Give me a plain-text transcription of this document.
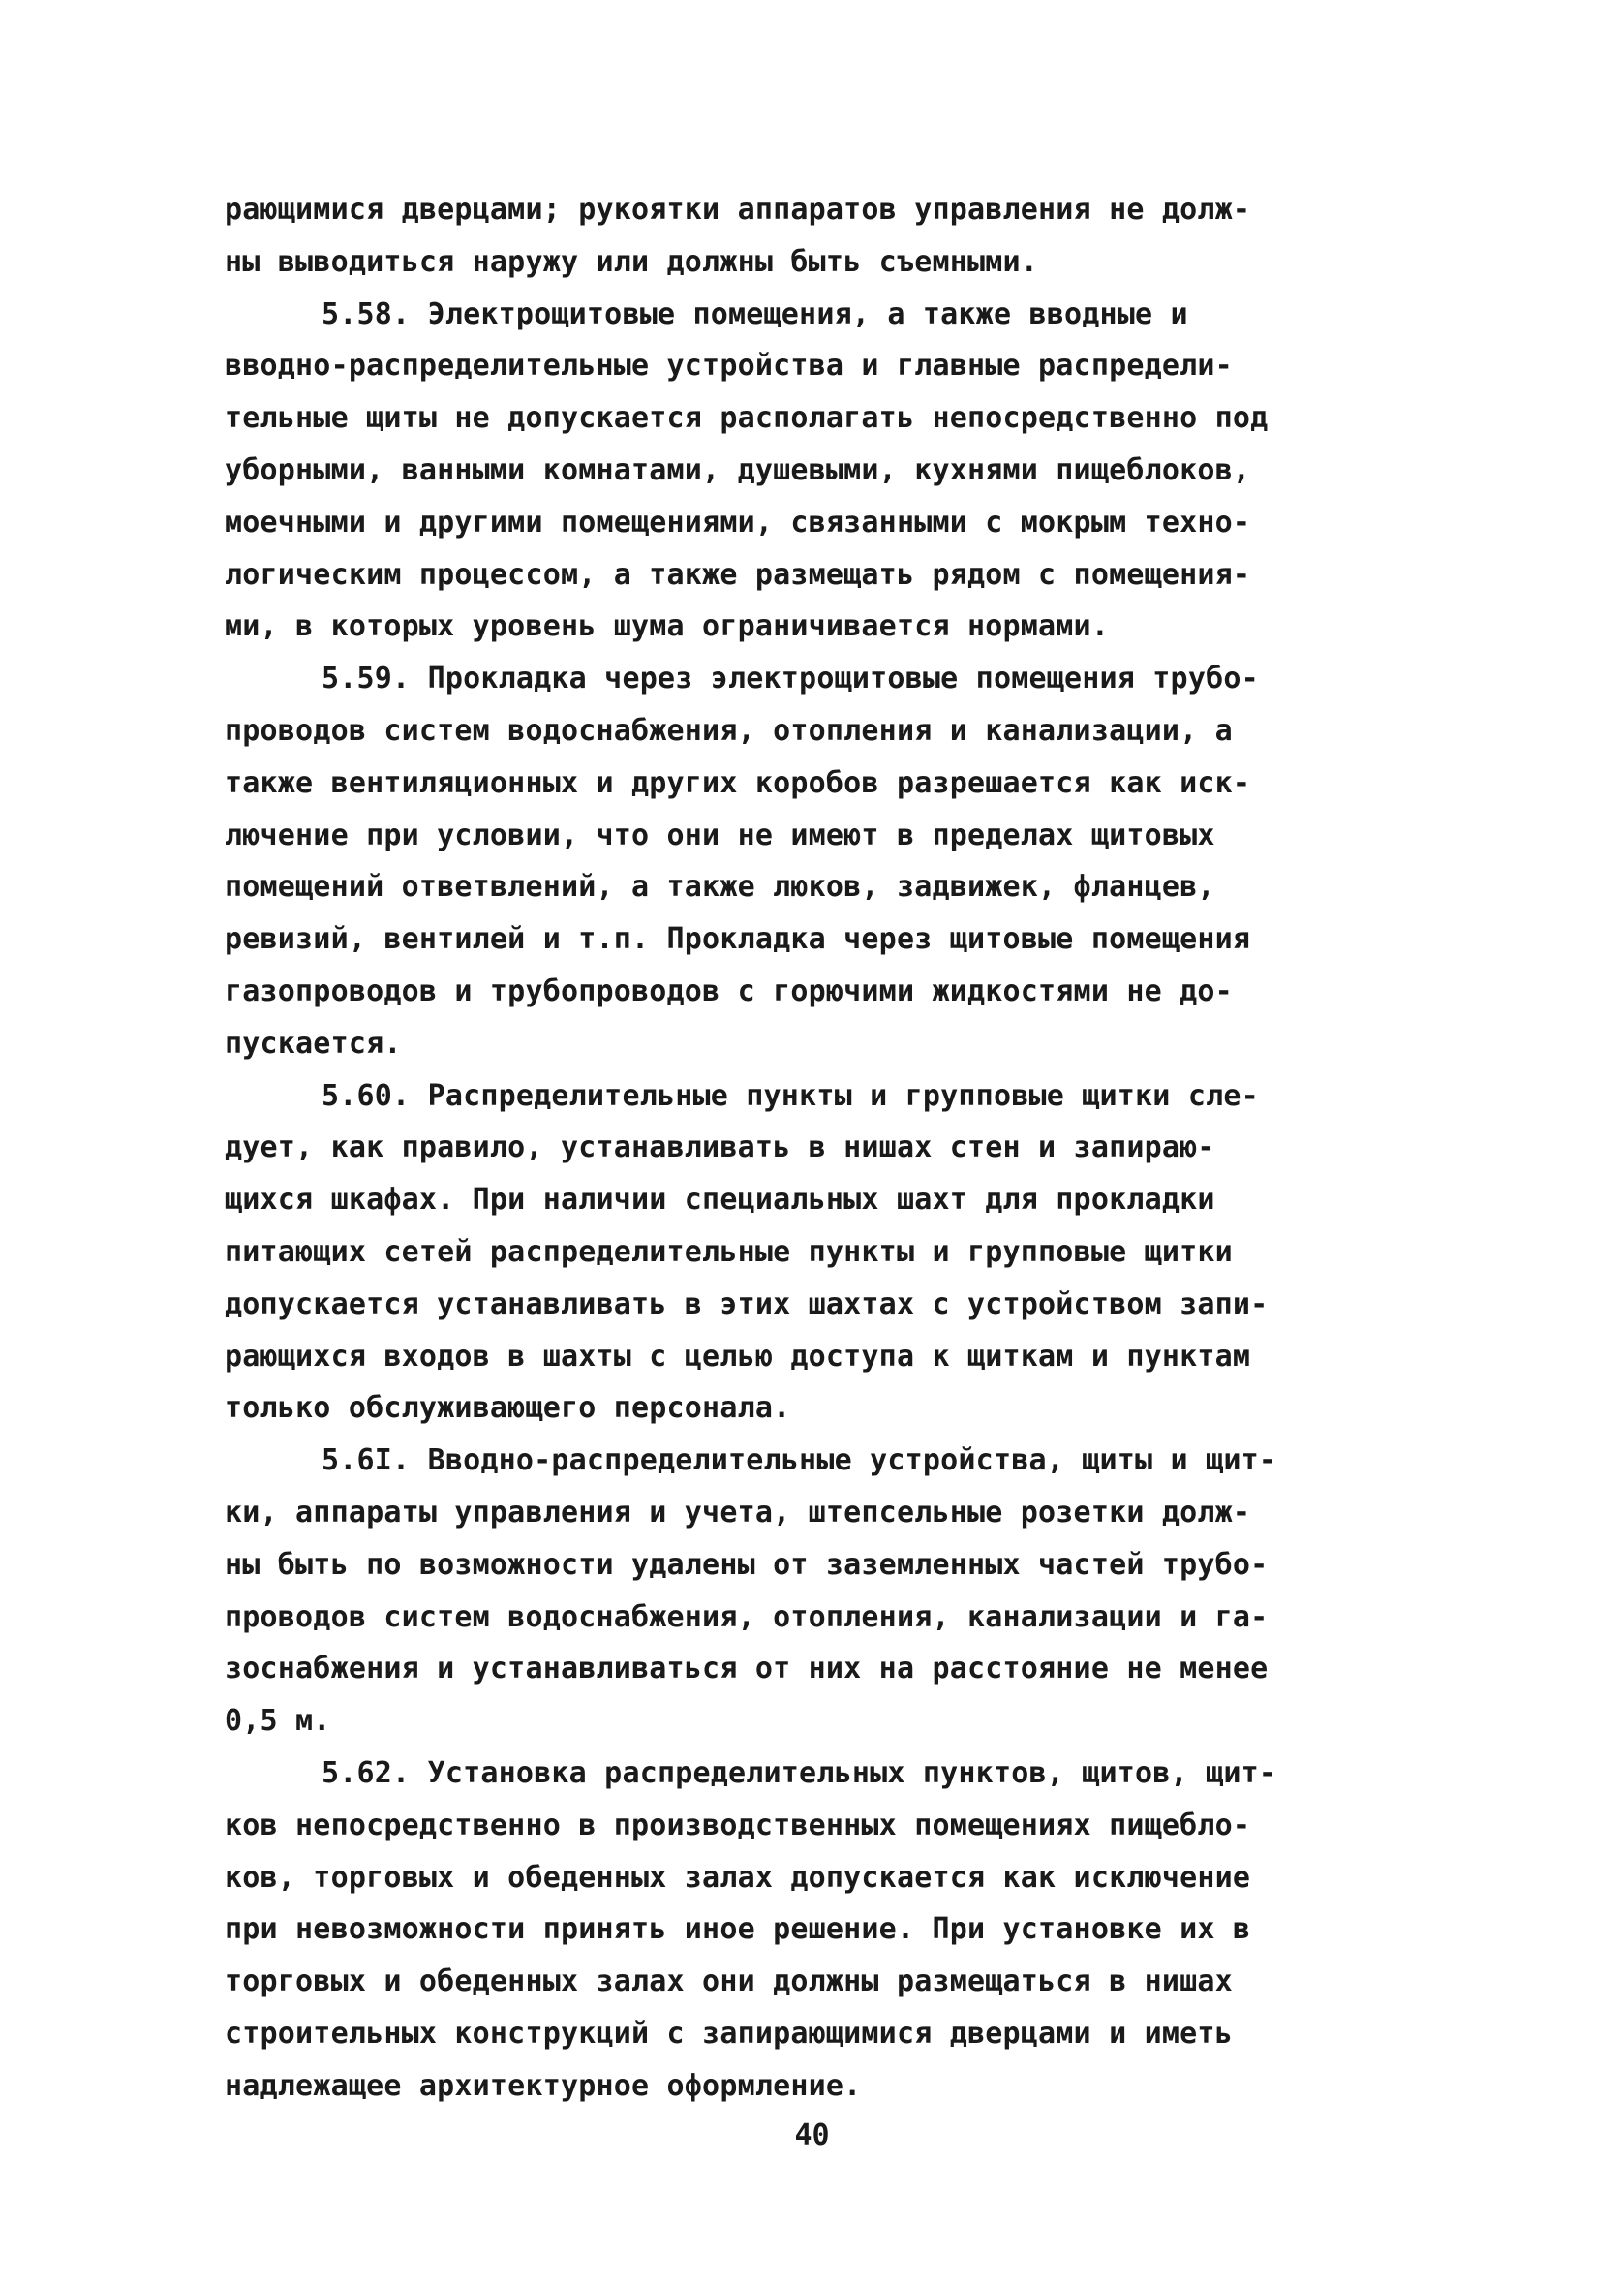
рающимися дверцами; рукоятки аппаратов управления не долж-
ны выводиться наружу или должны быть съемными.
5.58. Электрощитовые помещения, а также вводные и
вводно-распределительные устройства и главные распредели-
тельные щиты не допускается располагать непосредственно под
уборными, ванными комнатами, душевыми, кухнями пищеблоков,
моечными и другими помещениями, связанными с мокрым техно-
логическим процессом, а также размещать рядом с помещения-
ми, в которых уровень шума ограничивается нормами.
5.59. Прокладка через электрощитовые помещения трубо-
проводов систем водоснабжения, отопления и канализации, а
также вентиляционных и других коробов разрешается как иск-
лючение при условии, что они не имеют в пределах щитовых
помещений ответвлений, а также люков, задвижек, фланцев,
ревизий, вентилей и т.п. Прокладка через щитовые помещения
газопроводов и трубопроводов с горючими жидкостями не до-
пускается.
5.60. Распределительные пункты и групповые щитки сле-
дует, как правило, устанавливать в нишах стен и запираю-
щихся шкафах. При наличии специальных шахт для прокладки
питающих сетей распределительные пункты и групповые щитки
допускается устанавливать в этих шахтах с устройством запи-
рающихся входов в шахты с целью доступа к щиткам и пунктам
только обслуживающего персонала.
5.6I. Вводно-распределительные устройства, щиты и щит-
ки, аппараты управления и учета, штепсельные розетки долж-
ны быть по возможности удалены от заземленных частей трубо-
проводов систем водоснабжения, отопления, канализации и га-
зоснабжения и устанавливаться от них на расстояние не менее
0,5 м.
5.62. Установка распределительных пунктов, щитов, щит-
ков непосредственно в производственных помещениях пищебло-
ков, торговых и обеденных залах допускается как исключение
при невозможности принять иное решение. При установке их в
торговых и обеденных залах они должны размещаться в нишах
строительных конструкций с запирающимися дверцами и иметь
надлежащее архитектурное оформление.
40
